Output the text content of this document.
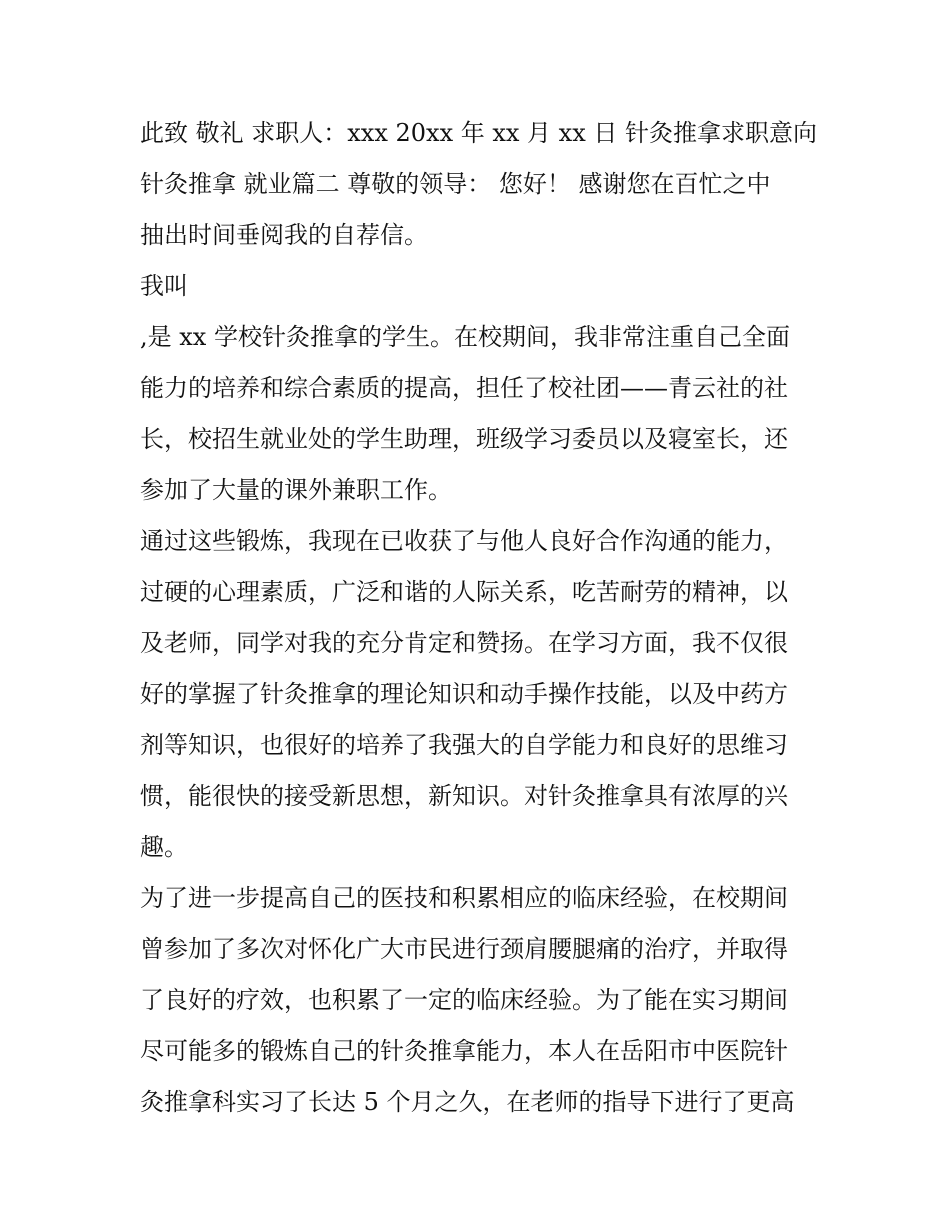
此致 敬礼 求职人：xxx 20xx 年 xx 月 xx 日 针灸推拿求职意向
针灸推拿 就业篇二 尊敬的领导： 您好！ 感谢您在百忙之中
抽出时间垂阅我的自荐信。
我叫
,是 xx 学校针灸推拿的学生。在校期间，我非常注重自己全面
能力的培养和综合素质的提高，担任了校社团——青云社的社
长，校招生就业处的学生助理，班级学习委员以及寝室长，还
参加了大量的课外兼职工作。
通过这些锻炼，我现在已收获了与他人良好合作沟通的能力，
过硬的心理素质，广泛和谐的人际关系，吃苦耐劳的精神，以
及老师，同学对我的充分肯定和赞扬。在学习方面，我不仅很
好的掌握了针灸推拿的理论知识和动手操作技能，以及中药方
剂等知识，也很好的培养了我强大的自学能力和良好的思维习
惯，能很快的接受新思想，新知识。对针灸推拿具有浓厚的兴
趣。
为了进一步提高自己的医技和积累相应的临床经验，在校期间
曾参加了多次对怀化广大市民进行颈肩腰腿痛的治疗，并取得
了良好的疗效，也积累了一定的临床经验。为了能在实习期间
尽可能多的锻炼自己的针灸推拿能力，本人在岳阳市中医院针
灸推拿科实习了长达 5 个月之久，在老师的指导下进行了更高
